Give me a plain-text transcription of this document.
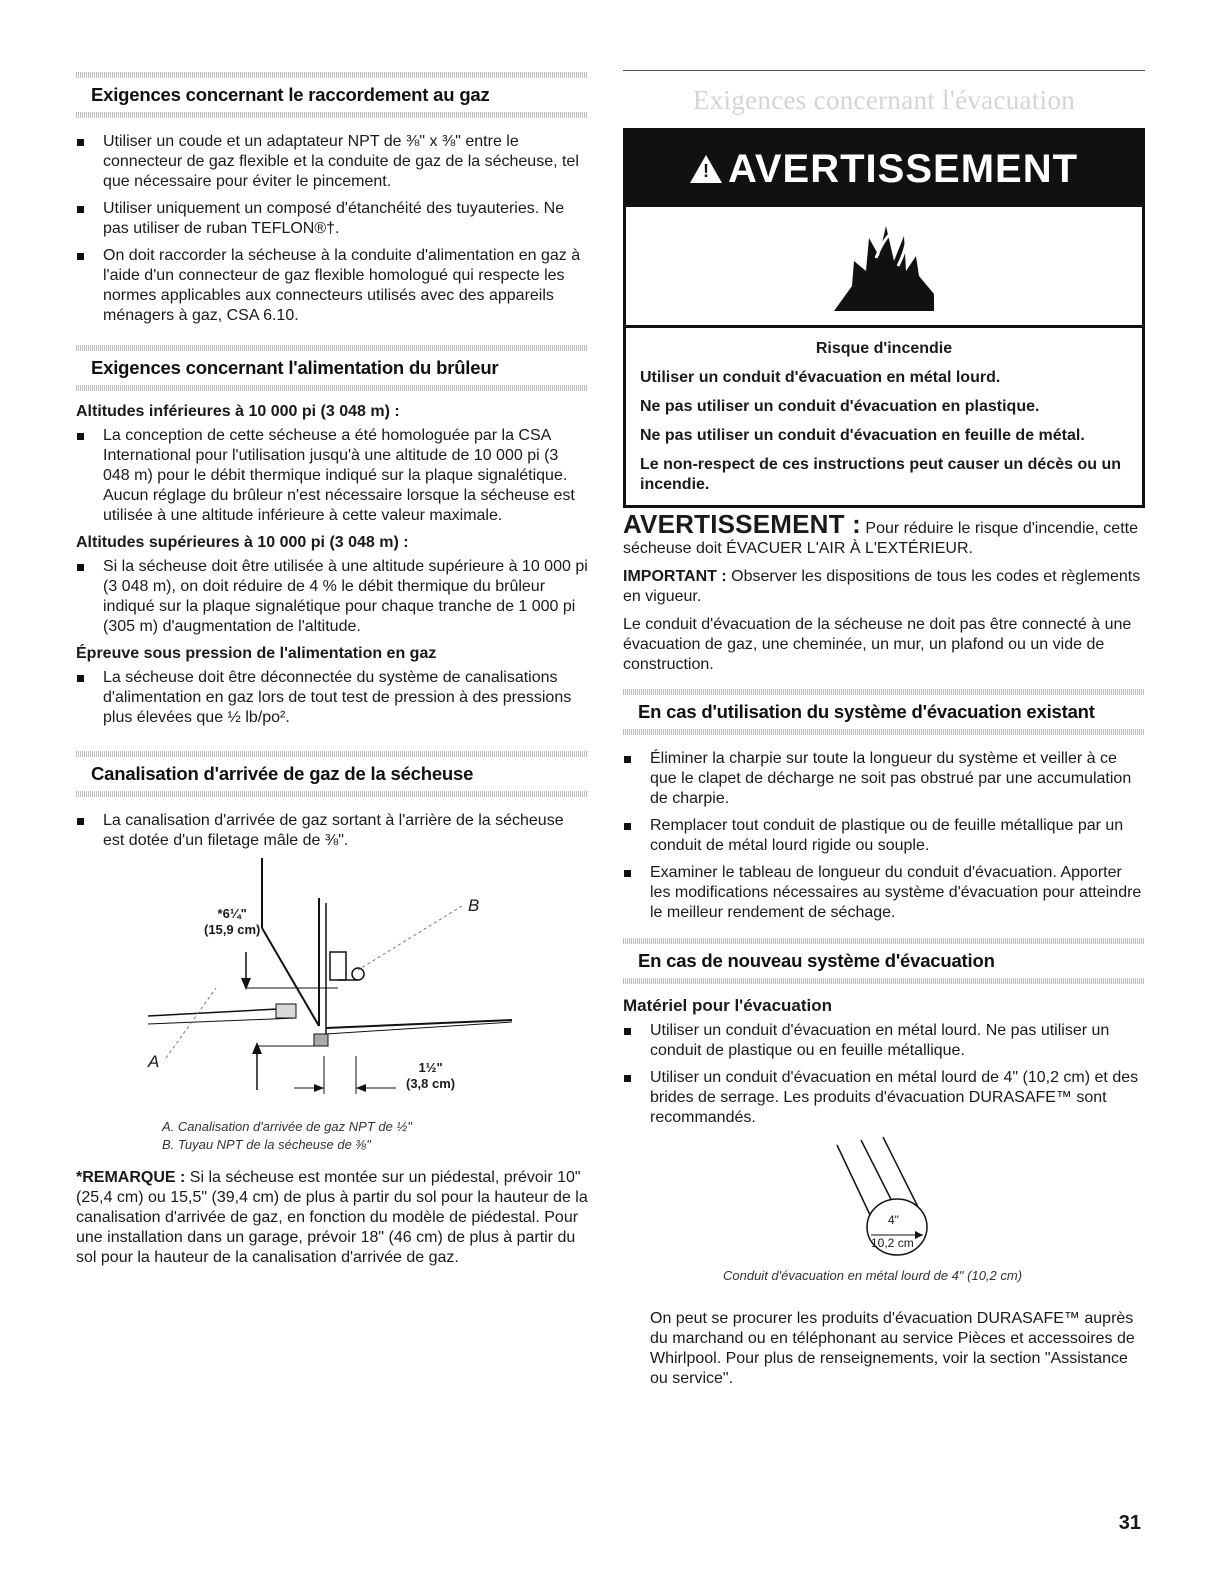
Exigences concernant le raccordement au gaz
Utiliser un coude et un adaptateur NPT de ⅜" x ⅜" entre le connecteur de gaz flexible et la conduite de gaz de la sécheuse, tel que nécessaire pour éviter le pincement.
Utiliser uniquement un composé d'étanchéité des tuyauteries. Ne pas utiliser de ruban TEFLON®†.
On doit raccorder la sécheuse à la conduite d'alimentation en gaz à l'aide d'un connecteur de gaz flexible homologué qui respecte les normes applicables aux connecteurs utilisés avec des appareils ménagers à gaz, CSA 6.10.
Exigences concernant l'alimentation du brûleur
Altitudes inférieures à 10 000 pi (3 048 m) :
La conception de cette sécheuse a été homologuée par la CSA International pour l'utilisation jusqu'à une altitude de 10 000 pi (3 048 m) pour le débit thermique indiqué sur la plaque signalétique. Aucun réglage du brûleur n'est nécessaire lorsque la sécheuse est utilisée à une altitude inférieure à cette valeur maximale.
Altitudes supérieures à 10 000 pi (3 048 m) :
Si la sécheuse doit être utilisée à une altitude supérieure à 10 000 pi (3 048 m), on doit réduire de 4 % le débit thermique du brûleur indiqué sur la plaque signalétique pour chaque tranche de 1 000 pi (305 m) d'augmentation de l'altitude.
Épreuve sous pression de l'alimentation en gaz
La sécheuse doit être déconnectée du système de canalisations d'alimentation en gaz lors de tout test de pression à des pressions plus élevées que ½ lb/po².
Canalisation d'arrivée de gaz de la sécheuse
La canalisation d'arrivée de gaz sortant à l'arrière de la sécheuse est dotée d'un filetage mâle de ⅜".
*6¼"
(15,9 cm)
B
A	1½"
(3,8 cm)
A. Canalisation d'arrivée de gaz NPT de ½"
B. Tuyau NPT de la sécheuse de ⅜"

*REMARQUE : Si la sécheuse est montée sur un piédestal, prévoir 10" (25,4 cm) ou 15,5" (39,4 cm) de plus à partir du sol pour la hauteur de la canalisation d'arrivée de gaz, en fonction du modèle de piédestal. Pour une installation dans un garage, prévoir 18" (46 cm) de plus à partir du sol pour la hauteur de la canalisation d'arrivée de gaz.

Exigences concernant l'évacuation
! AVERTISSEMENT
Risque d'incendie
Utiliser un conduit d'évacuation en métal lourd.
Ne pas utiliser un conduit d'évacuation en plastique.
Ne pas utiliser un conduit d'évacuation en feuille de métal.
Le non-respect de ces instructions peut causer un décès ou un incendie.

AVERTISSEMENT : Pour réduire le risque d'incendie, cette sécheuse doit ÉVACUER L'AIR À L'EXTÉRIEUR.

IMPORTANT : Observer les dispositions de tous les codes et règlements en vigueur.

Le conduit d'évacuation de la sécheuse ne doit pas être connecté à une évacuation de gaz, une cheminée, un mur, un plafond ou un vide de construction.

En cas d'utilisation du système d'évacuation existant
Éliminer la charpie sur toute la longueur du système et veiller à ce que le clapet de décharge ne soit pas obstrué par une accumulation de charpie.
Remplacer tout conduit de plastique ou de feuille métallique par un conduit de métal lourd rigide ou souple.
Examiner le tableau de longueur du conduit d'évacuation. Apporter les modifications nécessaires au système d'évacuation pour atteindre le meilleur rendement de séchage.
En cas de nouveau système d'évacuation
Matériel pour l'évacuation
Utiliser un conduit d'évacuation en métal lourd. Ne pas utiliser un conduit de plastique ou en feuille métallique.
Utiliser un conduit d'évacuation en métal lourd de 4" (10,2 cm) et des brides de serrage. Les produits d'évacuation DURASAFE™ sont recommandés.
4"
10,2 cm
Conduit d'évacuation en métal lourd de 4" (10,2 cm)

On peut se procurer les produits d'évacuation DURASAFE™ auprès du marchand ou en téléphonant au service Pièces et accessoires de Whirlpool. Pour plus de renseignements, voir la section "Assistance ou service".

31
